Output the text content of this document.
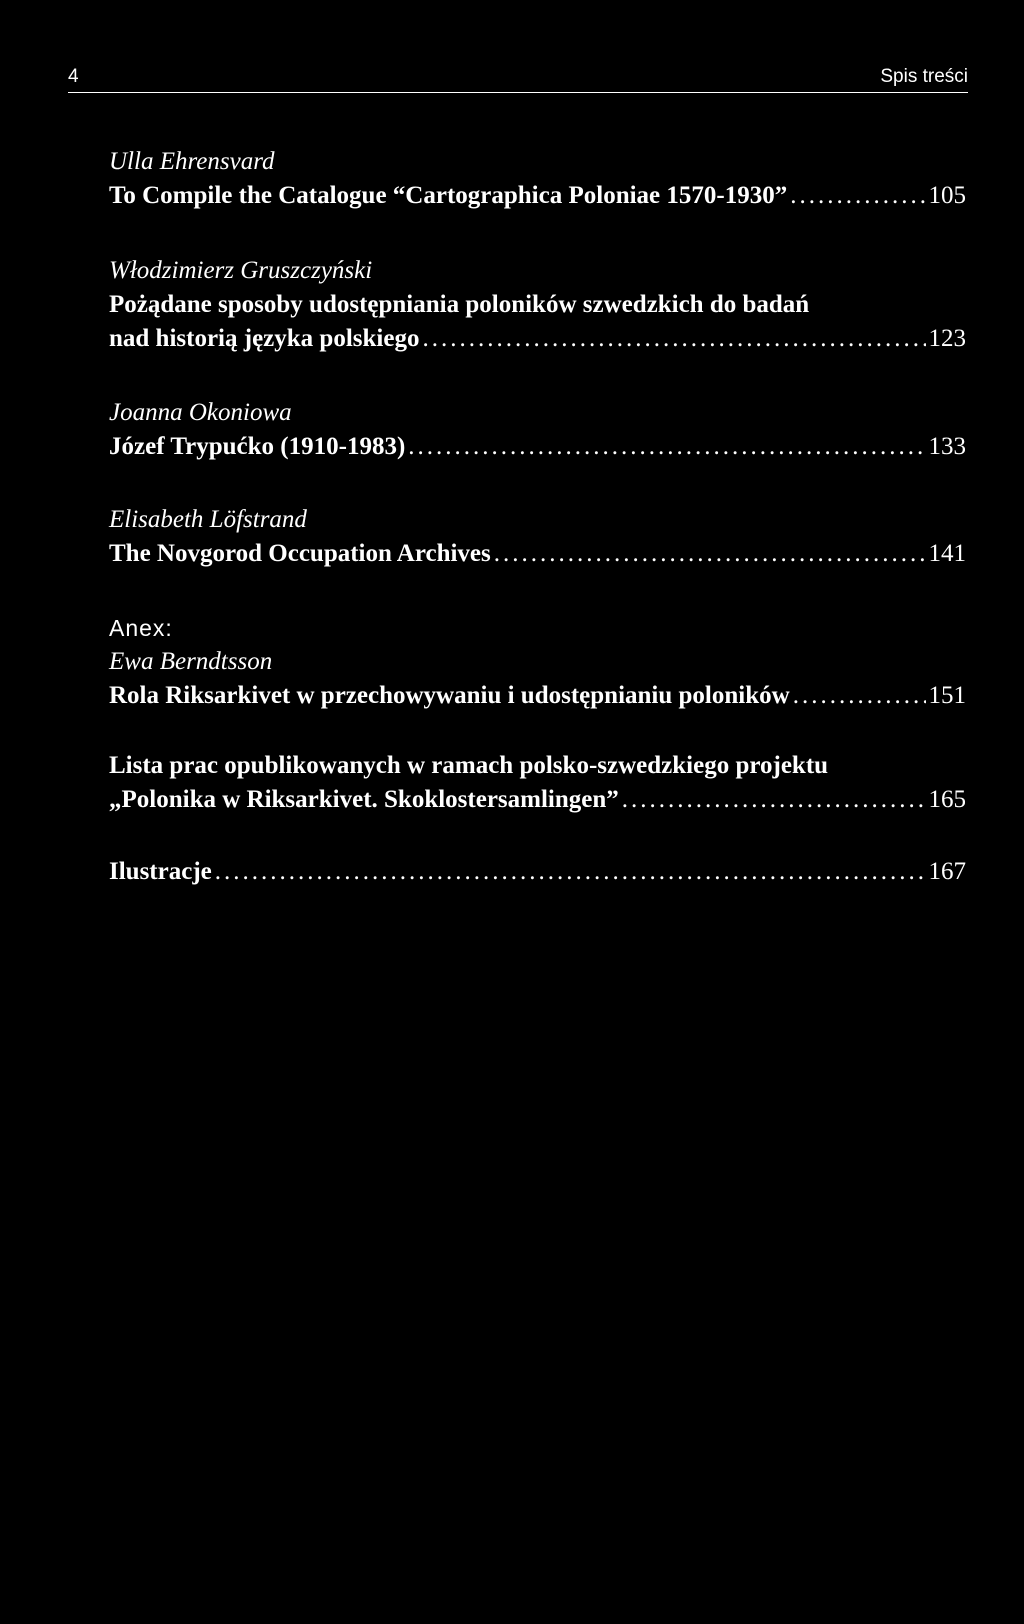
4	Spis treści
Ulla Ehrensvard
To Compile the Catalogue “Cartographica Poloniae 1570-1930” .....	105
Włodzimierz Gruszczyński
Pożądane sposoby udostępniania poloników szwedzkich do badań
nad historią języka polskiego .....	123
Joanna Okoniowa
Józef Trypućko (1910-1983) .....	133
Elisabeth Löfstrand
The Novgorod Occupation Archives .....	141
Anex:
Ewa Berndtsson
Rola Riksarkivet w przechowywaniu i udostępnianiu poloników .....	151
Lista prac opublikowanych w ramach polsko-szwedzkiego projektu
„Polonika w Riksarkivet. Skoklostersamlingen” .....	165
Ilustracje .....	167
